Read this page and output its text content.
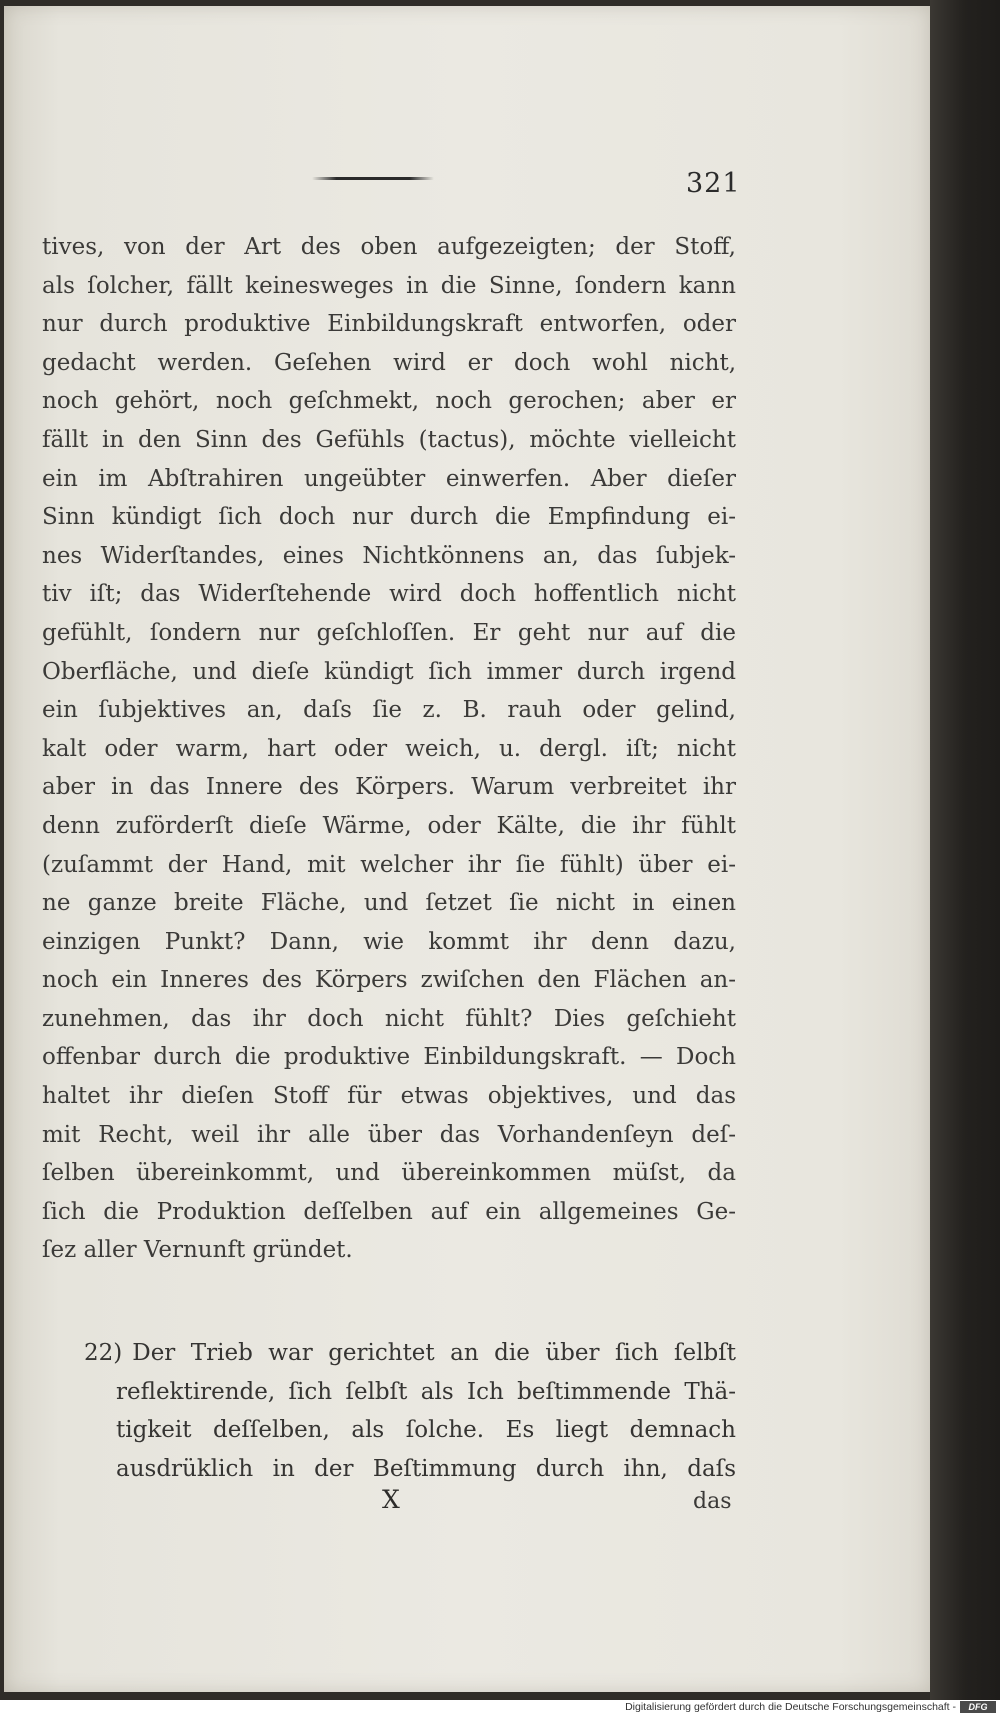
321
tives, von der Art des oben aufgezeigten; der Stoff,
als ſolcher, fällt keinesweges in die Sinne, ſondern kann
nur durch produktive Einbildungskraft entworfen, oder
gedacht werden. Geſehen wird er doch wohl nicht,
noch gehört, noch geſchmekt, noch gerochen; aber er
fällt in den Sinn des Gefühls (tactus), möchte vielleicht
ein im Abſtrahiren ungeübter einwerfen. Aber dieſer
Sinn kündigt ſich doch nur durch die Empfindung ei-
nes Widerſtandes, eines Nichtkönnens an, das ſubjek-
tiv iſt; das Widerſtehende wird doch hoffentlich nicht
gefühlt, ſondern nur geſchloſſen. Er geht nur auf die
Oberfläche, und dieſe kündigt ſich immer durch irgend
ein ſubjektives an, daſs ſie z. B. rauh oder gelind,
kalt oder warm, hart oder weich, u. dergl. iſt; nicht
aber in das Innere des Körpers. Warum verbreitet ihr
denn zuförderſt dieſe Wärme, oder Kälte, die ihr fühlt
(zuſammt der Hand, mit welcher ihr ſie fühlt) über ei-
ne ganze breite Fläche, und ſetzet ſie nicht in einen
einzigen Punkt? Dann, wie kommt ihr denn dazu,
noch ein Inneres des Körpers zwiſchen den Flächen an-
zunehmen, das ihr doch nicht fühlt? Dies geſchieht
offenbar durch die produktive Einbildungskraft. — Doch
haltet ihr dieſen Stoff für etwas objektives, und das
mit Recht, weil ihr alle über das Vorhandenſeyn deſ-
ſelben übereinkommt, und übereinkommen müſst, da
ſich die Produktion deſſelben auf ein allgemeines Ge-
ſez aller Vernunft gründet.
22) Der Trieb war gerichtet an die über ſich ſelbſt
reflektirende, ſich ſelbſt als Ich beſtimmende Thä-
tigkeit deſſelben, als ſolche. Es liegt demnach
ausdrüklich in der Beſtimmung durch ihn, daſs
X	das
Digitalisierung gefördert durch die Deutsche Forschungsgemeinschaft -	DFG
